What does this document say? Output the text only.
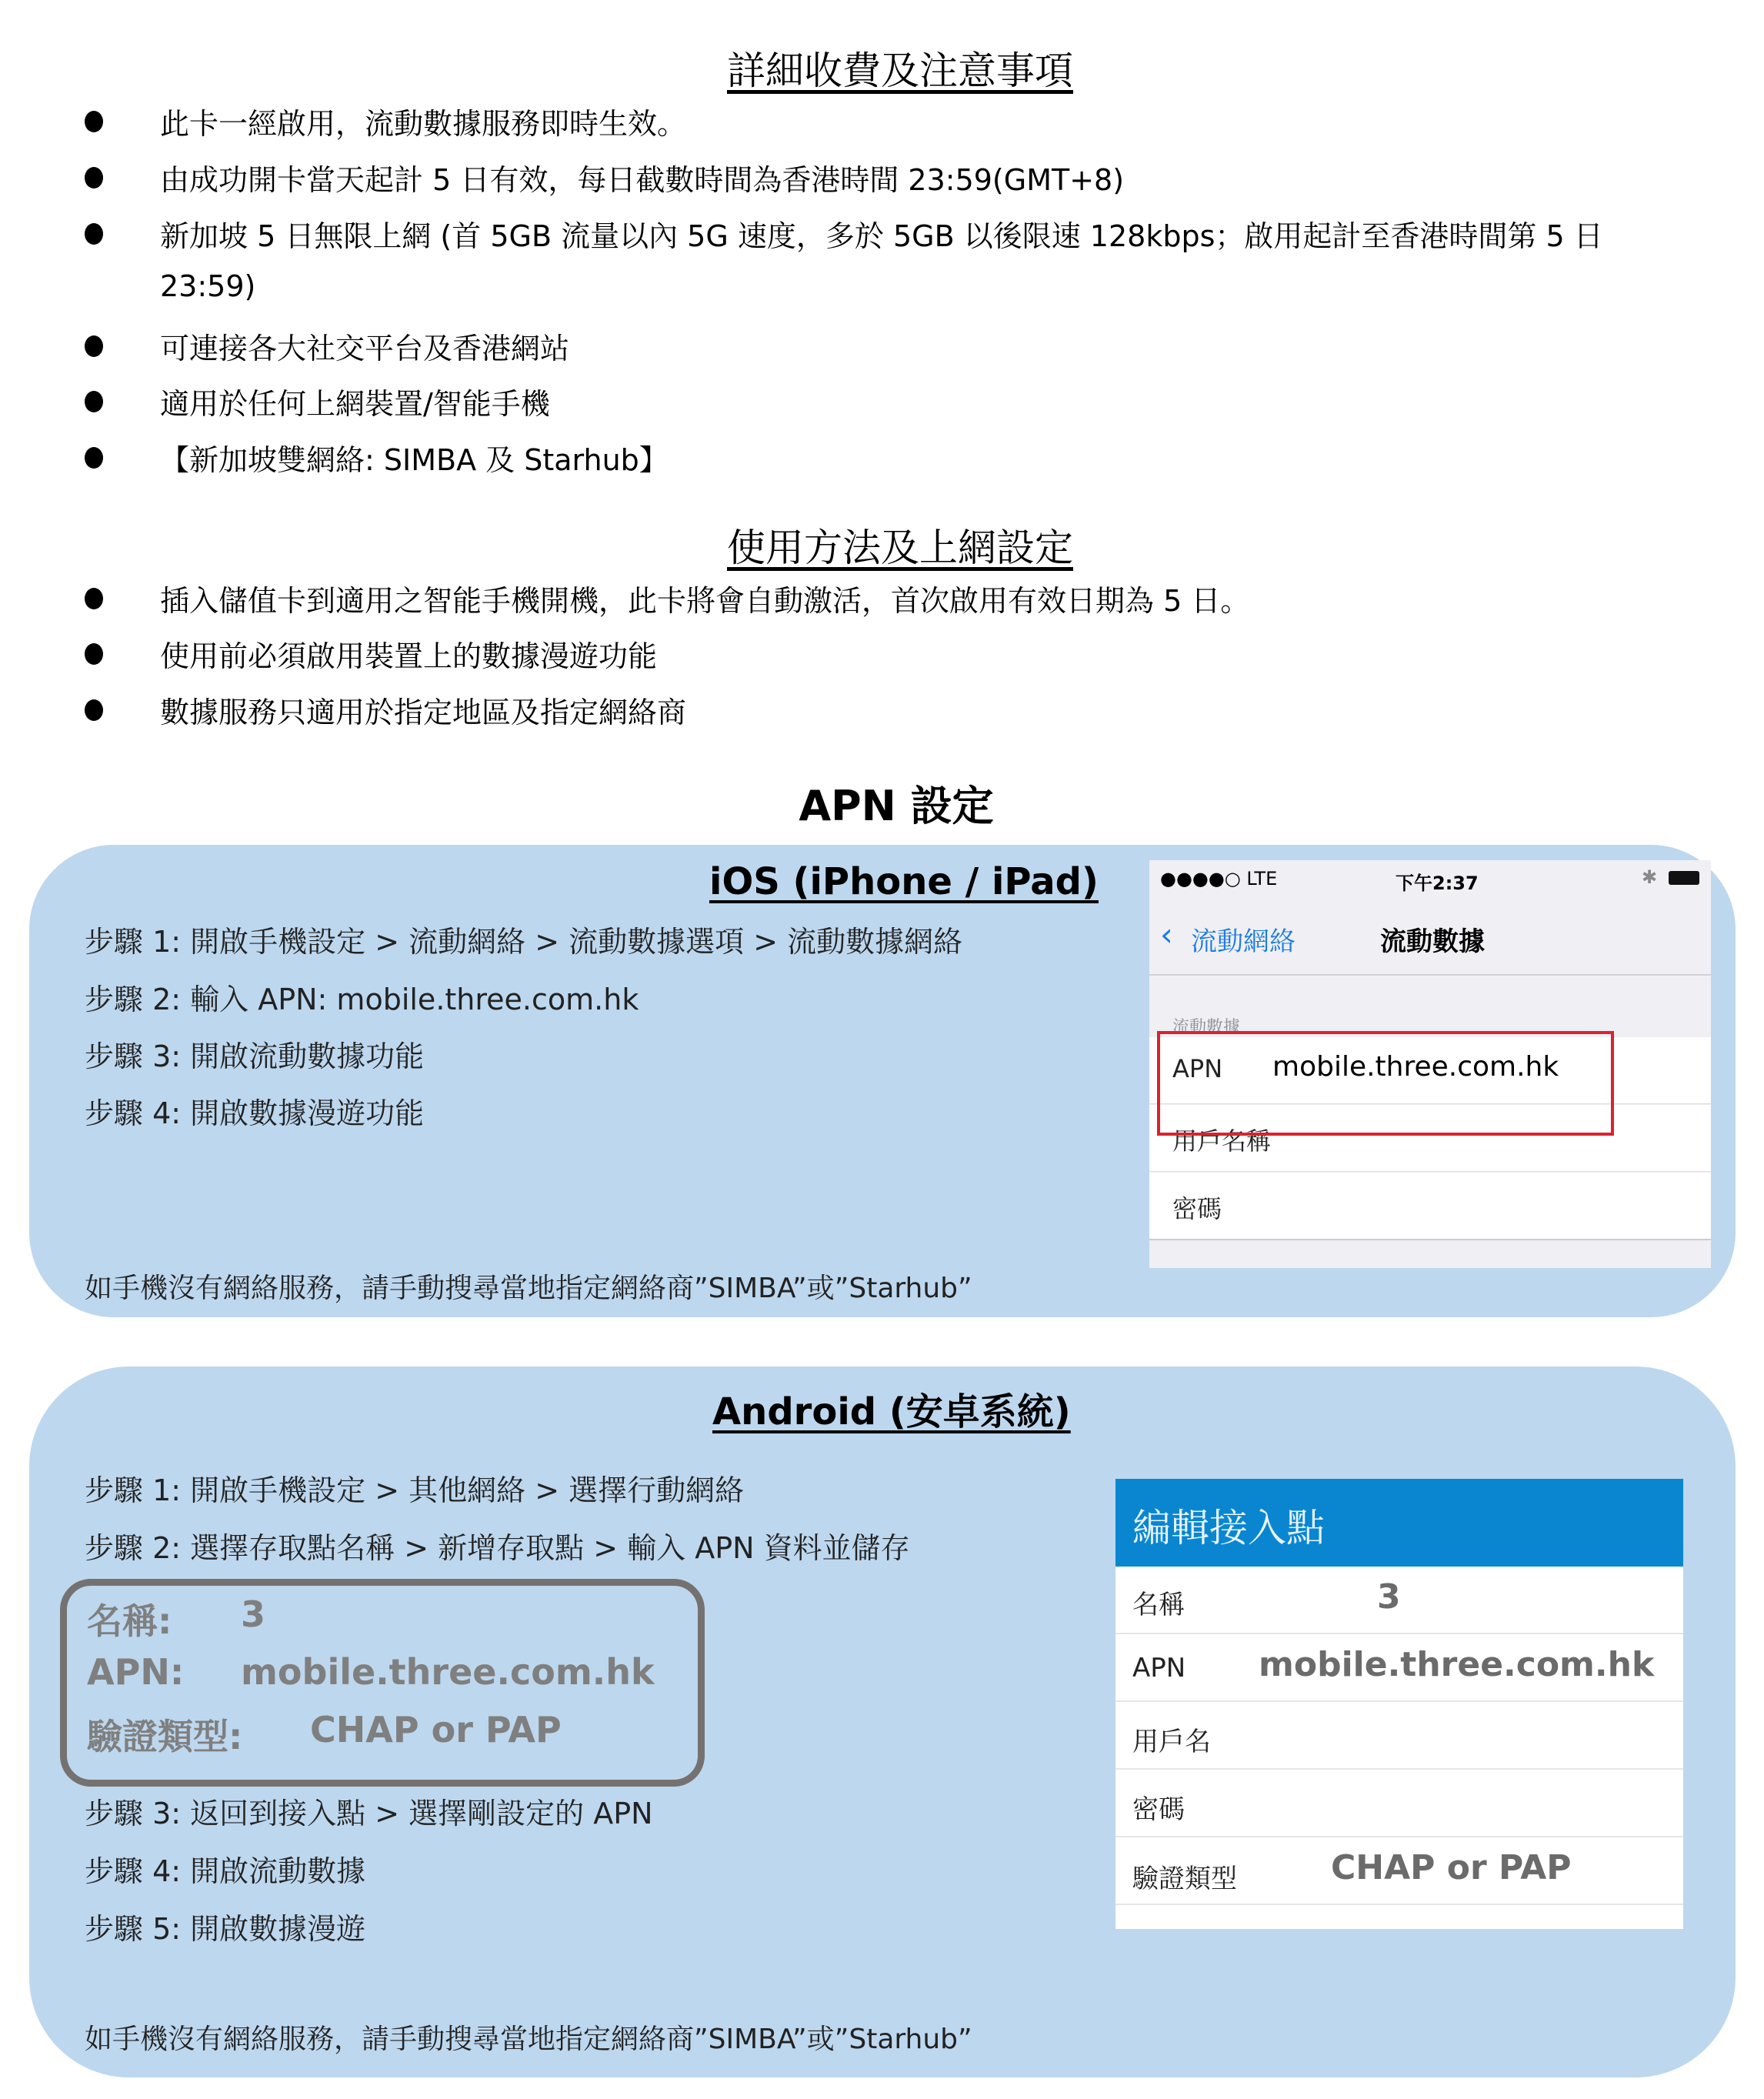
詳細收費及注意事項
此卡一經啟用，流動數據服務即時生效。
由成功開卡當天起計 5 日有效，每日截數時間為香港時間 23:59(GMT+8)
新加坡 5 日無限上網 (首 5GB 流量以內 5G 速度，多於 5GB 以後限速 128kbps；啟用起計至香港時間第 5 日
23:59)
可連接各大社交平台及香港網站
適用於任何上網裝置/智能手機
【新加坡雙網絡: SIMBA 及 Starhub】
使用方法及上網設定
插入儲值卡到適用之智能手機開機，此卡將會自動激活，首次啟用有效日期為 5 日。
使用前必須啟用裝置上的數據漫遊功能
數據服務只適用於指定地區及指定網絡商
APN 設定
iOS (iPhone / iPad)
步驟 1: 開啟手機設定 > 流動網絡 > 流動數據選項 > 流動數據網絡
步驟 2: 輸入 APN: mobile.three.com.hk
步驟 3: 開啟流動數據功能
步驟 4: 開啟數據漫遊功能
如手機沒有網絡服務，請手動搜尋當地指定網絡商”SIMBA”或”Starhub”
●●●●○ LTE	下午2:37	✱
‹ 流動網絡	流動數據
流動數據
APN mobile.three.com.hk
用戶名稱
密碼
Android (安卓系統)
步驟 1: 開啟手機設定 > 其他網絡 > 選擇行動網絡
步驟 2: 選擇存取點名稱 > 新增存取點 > 輸入 APN 資料並儲存
名稱: 3
APN: mobile.three.com.hk
驗證類型: CHAP or PAP
步驟 3: 返回到接入點 > 選擇剛設定的 APN
步驟 4: 開啟流動數據
步驟 5: 開啟數據漫遊
如手機沒有網絡服務，請手動搜尋當地指定網絡商”SIMBA”或”Starhub”
編輯接入點
名稱	3
APN mobile.three.com.hk
用戶名
密碼
驗證類型	CHAP or PAP
